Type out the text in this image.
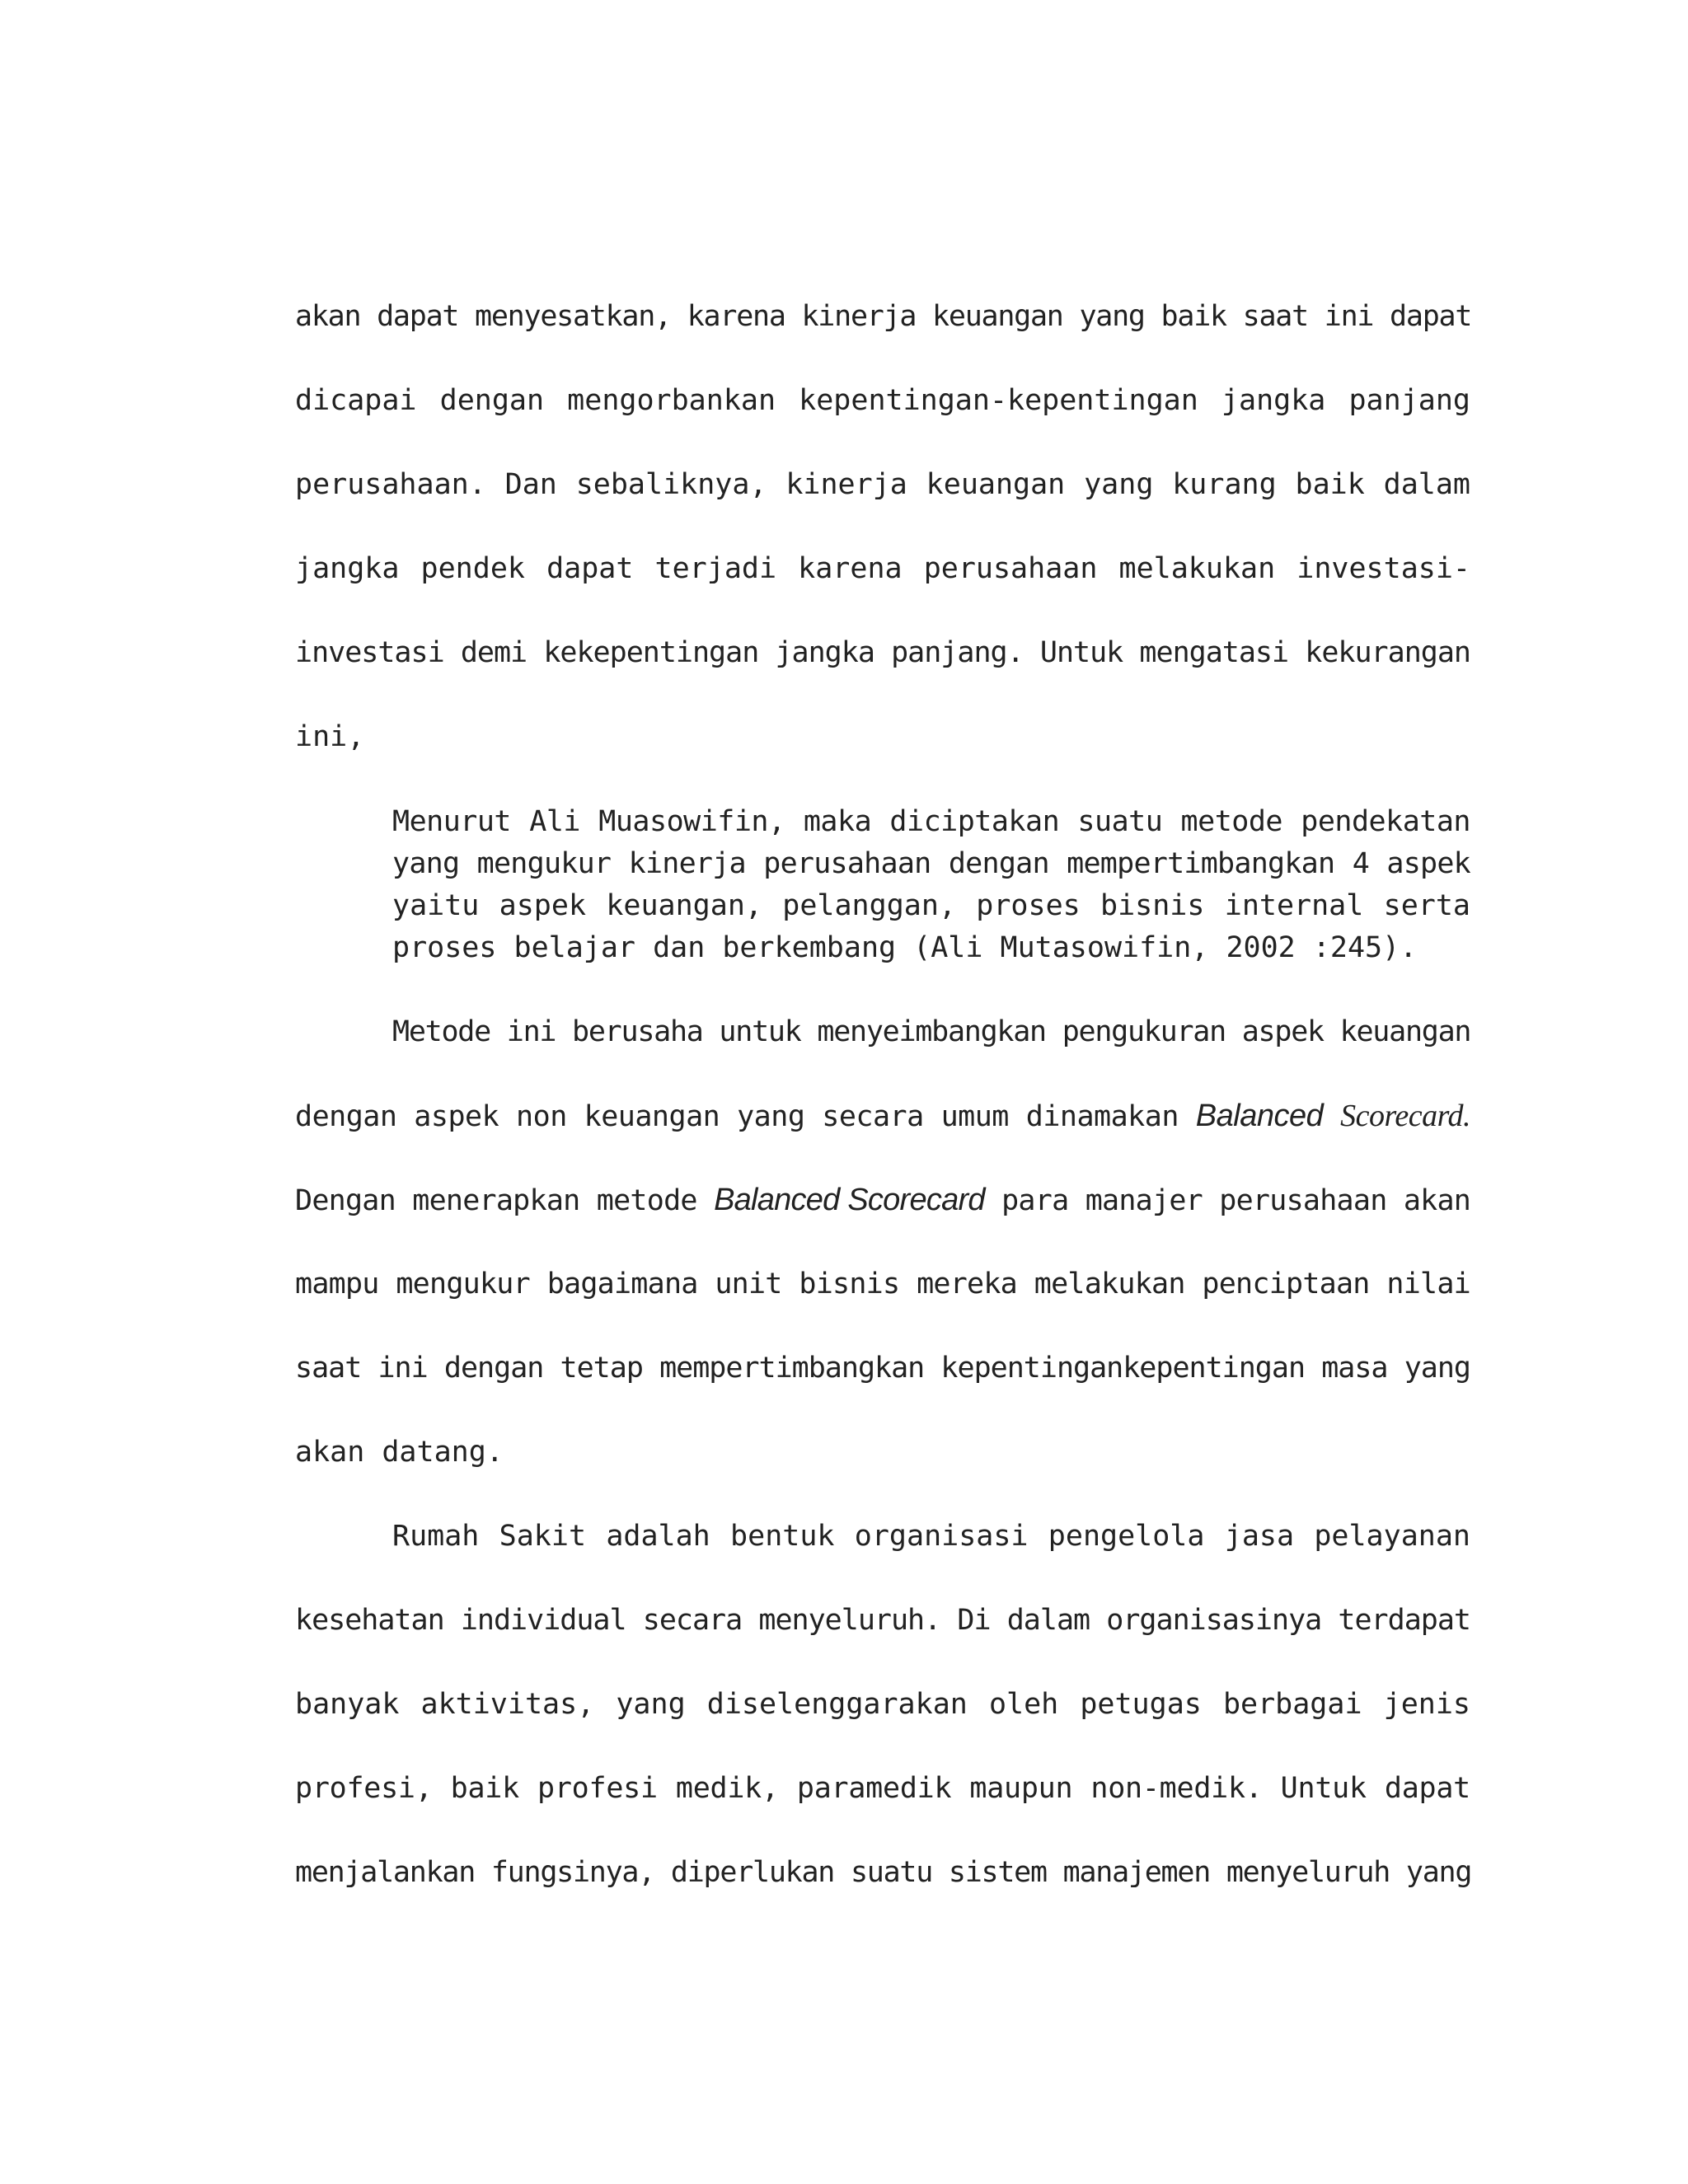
akan dapat menyesatkan, karena kinerja keuangan yang baik saat ini dapat
dicapai dengan mengorbankan kepentingan-kepentingan jangka panjang
perusahaan. Dan sebaliknya, kinerja keuangan yang kurang baik dalam
jangka pendek dapat terjadi karena perusahaan melakukan investasi-
investasi demi kekepentingan jangka panjang. Untuk mengatasi kekurangan
ini,
Menurut Ali Muasowifin, maka diciptakan suatu metode pendekatan
yang mengukur kinerja perusahaan dengan mempertimbangkan 4 aspek
yaitu aspek keuangan, pelanggan, proses bisnis internal serta
proses belajar dan berkembang (Ali Mutasowifin, 2002 :245).
Metode ini berusaha untuk menyeimbangkan pengukuran aspek keuangan
dengan aspek non keuangan yang secara umum dinamakan Balanced Scorecard.
Dengan menerapkan metode Balanced Scorecard para manajer perusahaan akan
mampu mengukur bagaimana unit bisnis mereka melakukan penciptaan nilai
saat ini dengan tetap mempertimbangkan kepentingankepentingan masa yang
akan datang.
Rumah Sakit adalah bentuk organisasi pengelola jasa pelayanan
kesehatan individual secara menyeluruh. Di dalam organisasinya terdapat
banyak aktivitas, yang diselenggarakan oleh petugas berbagai jenis
profesi, baik profesi medik, paramedik maupun non-medik. Untuk dapat
menjalankan fungsinya, diperlukan suatu sistem manajemen menyeluruh yang
